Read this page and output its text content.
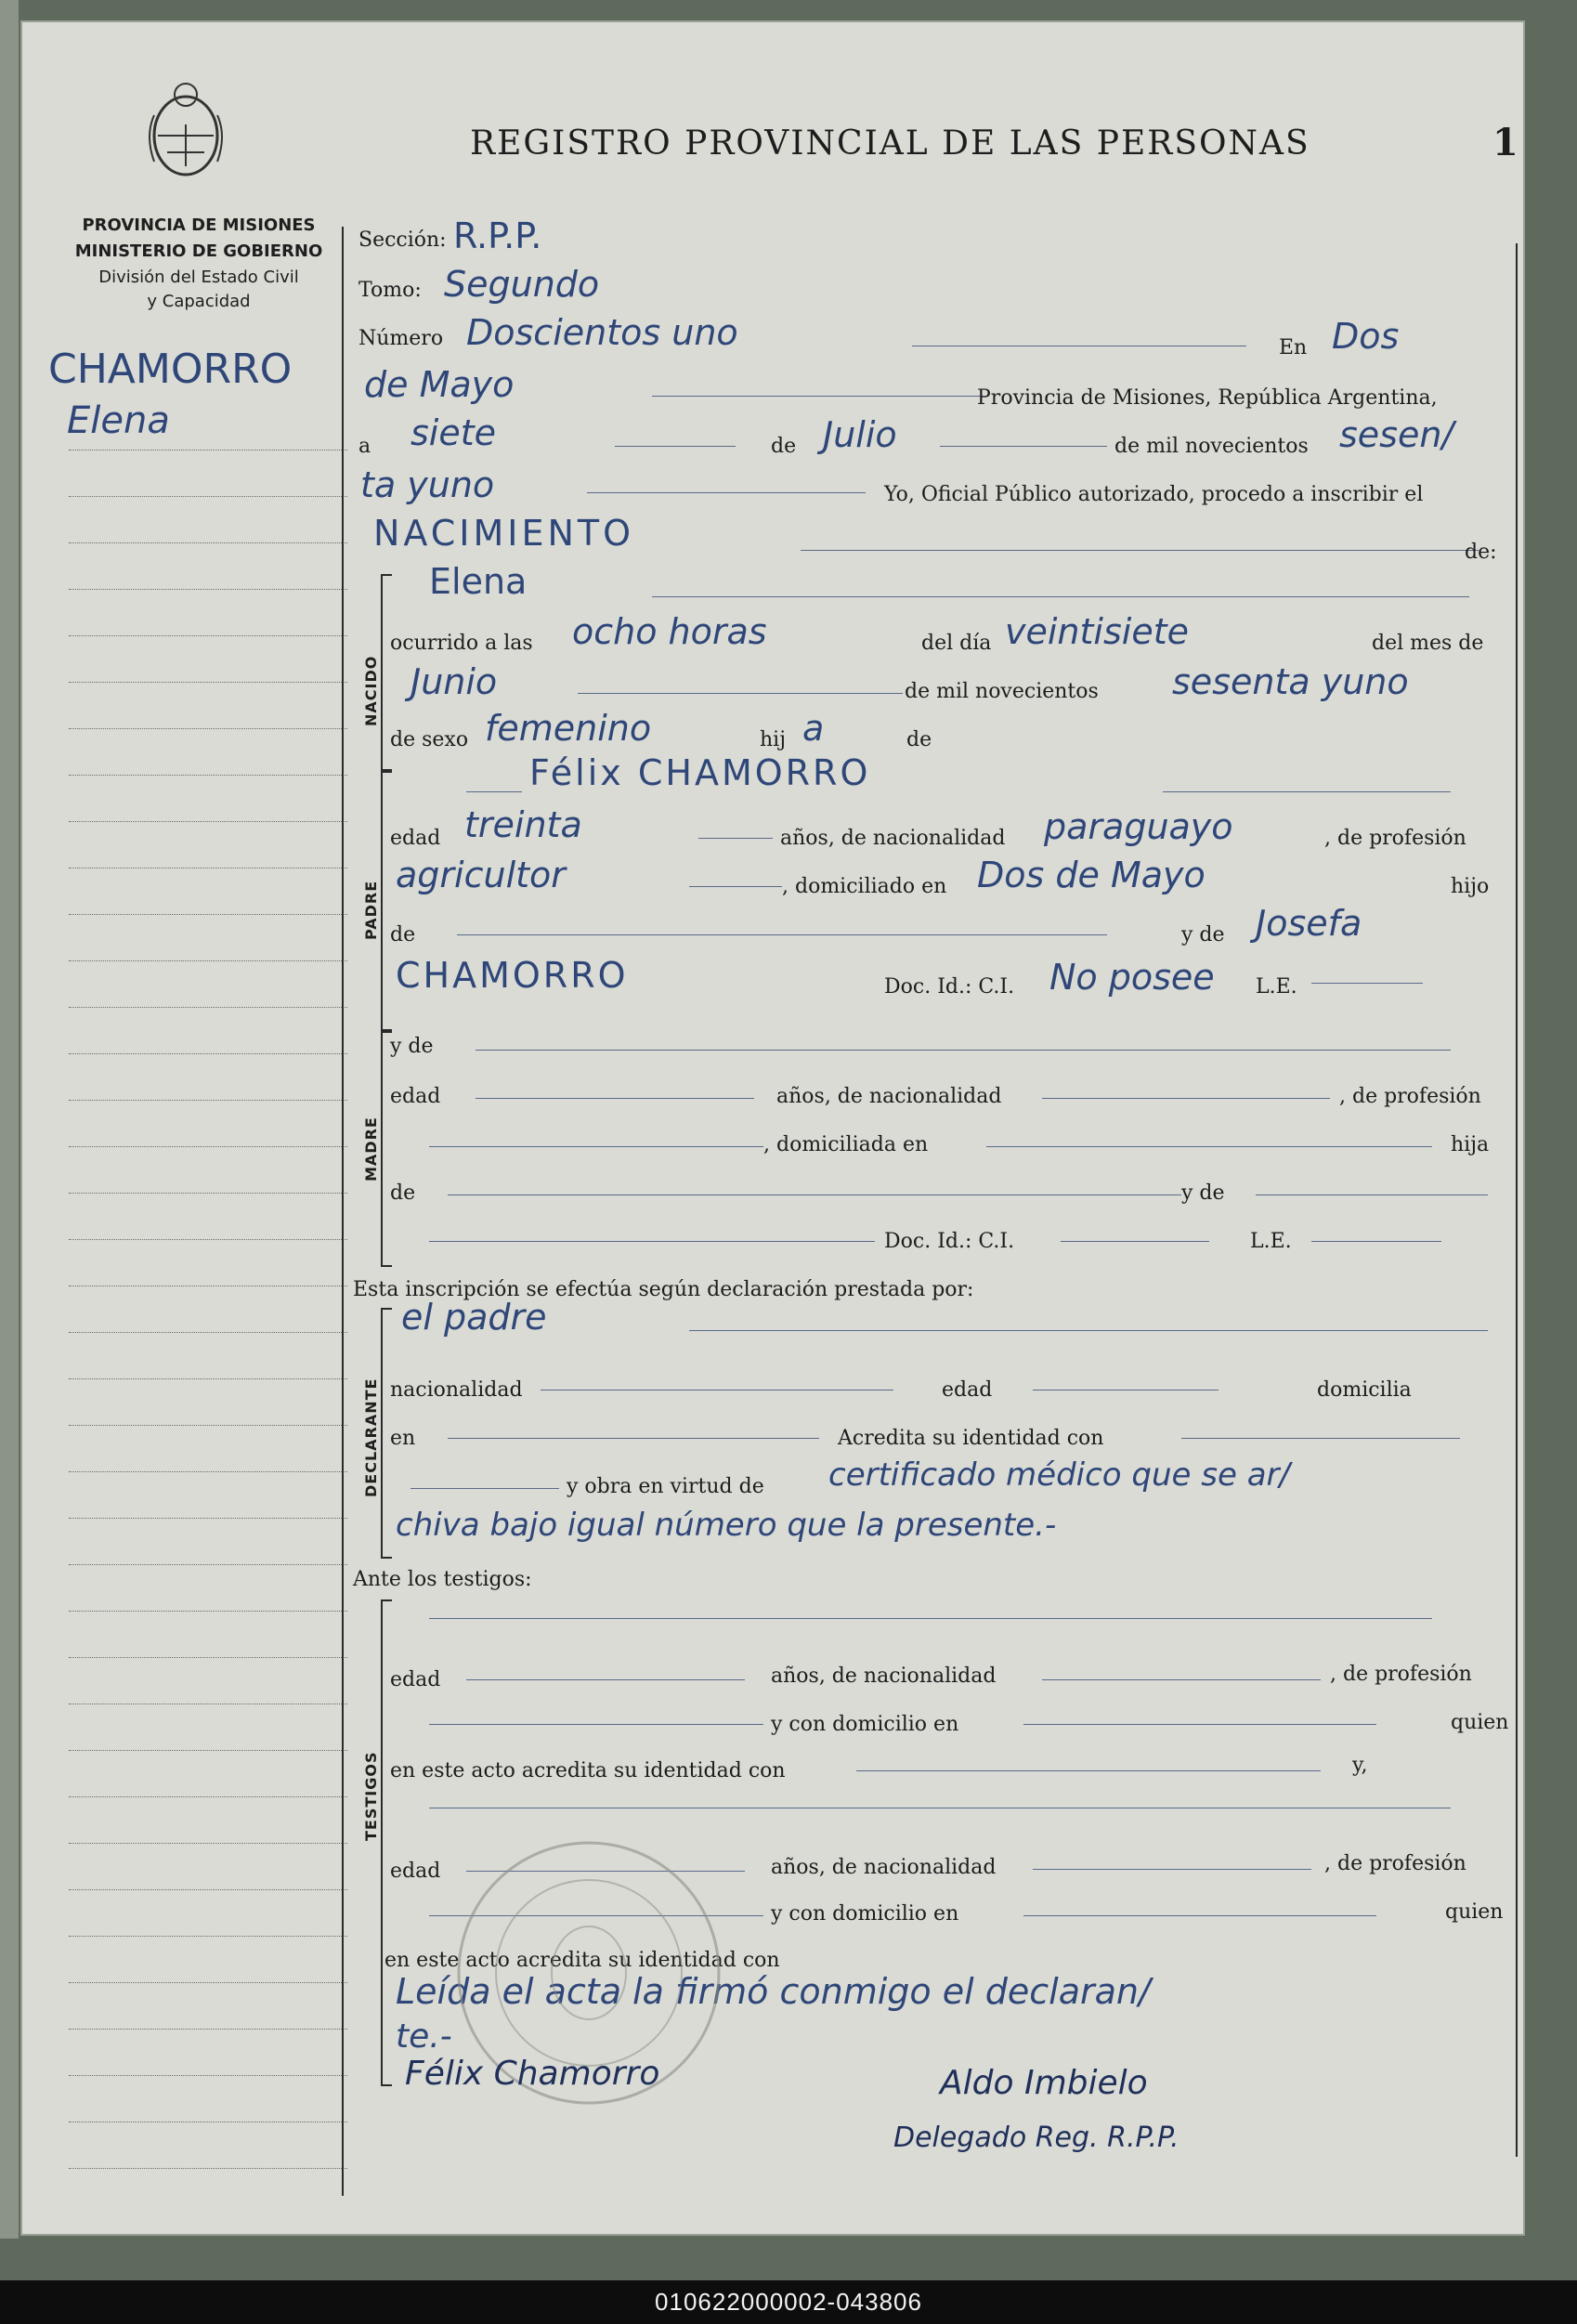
REGISTRO PROVINCIAL DE LAS PERSONAS	1
PROVINCIA DE MISIONES
MINISTERIO DE GOBIERNO
División del Estado Civil
y Capacidad
CHAMORRO
Elena
Sección: R.P.P.
Tomo: Segundo
Número Doscientos uno	En Dos
de Mayo	Provincia de Misiones, República Argentina,
a siete	de Julio	de mil novecientos sesen/
ta yuno	Yo, Oficial Público autorizado, procedo a inscribir el
NACIMIENTO	de:
NACIDO
Elena
ocurrido a las ocho horas	del día veintisiete	del mes de
Junio	de mil novecientos sesenta yuno
de sexo femenino	hij a	de
PADRE
Félix CHAMORRO
edad treinta	años, de nacionalidad paraguayo	, de profesión
agricultor	, domiciliado en Dos de Mayo	hijo
de	y de Josefa
CHAMORRO	Doc. Id.: C.I. No posee L.E.
MADRE
y de
edad	años, de nacionalidad	, de profesión
, domiciliada en	hija
de	y de
Doc. Id.: C.I.	L.E.
Esta inscripción se efectúa según declaración prestada por:
DECLARANTE
el padre
nacionalidad	edad	domicilia
en	Acredita su identidad con
y obra en virtud de certificado médico que se ar/
chiva bajo igual número que la presente.-
Ante los testigos:
TESTIGOS
edad	años, de nacionalidad	, de profesión
y con domicilio en	quien
en este acto acredita su identidad con	y,
edad	años, de nacionalidad	, de profesión
y con domicilio en	quien
en este acto acredita su identidad con
Leída el acta la firmó conmigo el declaran/
te.-
Félix Chamorro	Aldo Imbielo
Delegado Reg. R.P.P.
010622000002-043806
